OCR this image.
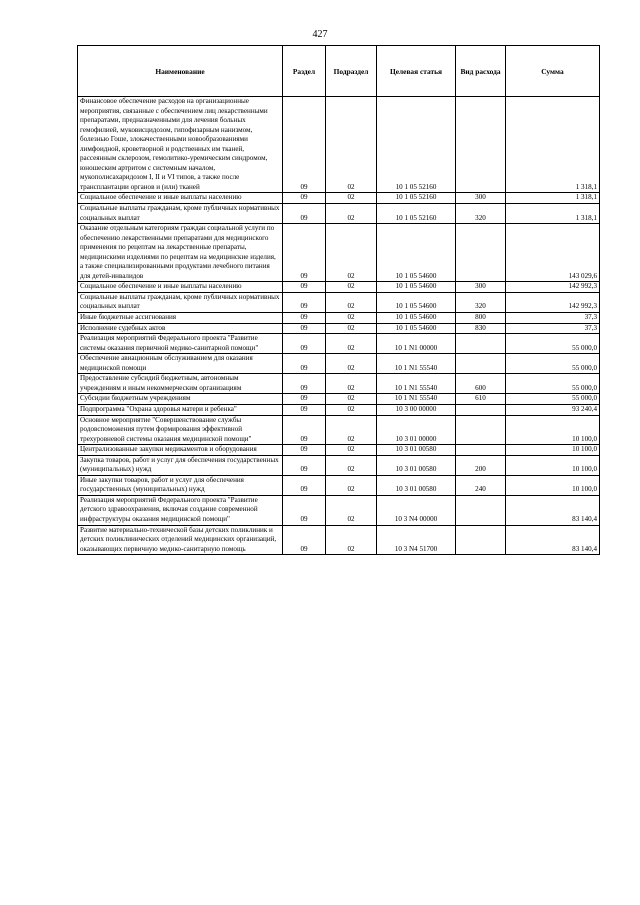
427
Наименование	Раздел	Подраздел	Целевая статья	Вид расхода	Сумма
Финансовое обеспечение расходов на организационные мероприятия, связанные с обеспечением лиц лекарственными препаратами, предназначенными для лечения больных гемофилией, муковисцидозом, гипофизарным нанизмом, болезнью Гоше, злокачественными новообразованиями лимфоидной, кроветворной и родственных им тканей, рассеянным склерозом, гемолитико-уремическим синдромом, юношеским артритом с системным началом, мукополисахаридозом I, II и VI типов, а также после трансплантации органов и (или) тканей	09	02	10 1 05 52160		1 318,1
Социальное обеспечение и иные выплаты населению	09	02	10 1 05 52160	300	1 318,1
Социальные выплаты гражданам, кроме публичных нормативных социальных выплат	09	02	10 1 05 52160	320	1 318,1
Оказание отдельным категориям граждан социальной услуги по обеспечению лекарственными препаратами для медицинского применения по рецептам на лекарственные препараты, медицинскими изделиями по рецептам на медицинские изделия, а также специализированными продуктами лечебного питания для детей-инвалидов	09	02	10 1 05 54600		143 029,6
Социальное обеспечение и иные выплаты населению	09	02	10 1 05 54600	300	142 992,3
Социальные выплаты гражданам, кроме публичных нормативных социальных выплат	09	02	10 1 05 54600	320	142 992,3
Иные бюджетные ассигнования	09	02	10 1 05 54600	800	37,3
Исполнение судебных актов	09	02	10 1 05 54600	830	37,3
Реализация мероприятий Федерального проекта "Развитие системы оказания первичной медико-санитарной помощи"	09	02	10 1 N1 00000		55 000,0
Обеспечение авиационным обслуживанием для оказания медицинской помощи	09	02	10 1 N1 55540		55 000,0
Предоставление субсидий бюджетным, автономным учреждениям и иным некоммерческим организациям	09	02	10 1 N1 55540	600	55 000,0
Субсидии бюджетным учреждениям	09	02	10 1 N1 55540	610	55 000,0
Подпрограмма "Охрана здоровья матери и ребенка"	09	02	10 3 00 00000		93 240,4
Основное мероприятие "Совершенствование службы родовспоможения путем формирования эффективной трехуровневой системы оказания медицинской помощи"	09	02	10 3 01 00000		10 100,0
Централизованные закупки медикаментов и оборудования	09	02	10 3 01 00580		10 100,0
Закупка товаров, работ и услуг для обеспечения государственных (муниципальных) нужд	09	02	10 3 01 00580	200	10 100,0
Иные закупки товаров, работ и услуг для обеспечения государственных (муниципальных) нужд	09	02	10 3 01 00580	240	10 100,0
Реализация мероприятий Федерального проекта "Развитие детского здравоохранения, включая создание современной инфраструктуры оказания медицинской помощи"	09	02	10 3 N4 00000		83 140,4
Развитие материально-технической базы детских поликлиник и детских поликлинических отделений медицинских организаций, оказывающих первичную медико-санитарную помощь	09	02	10 3 N4 51700		83 140,4
